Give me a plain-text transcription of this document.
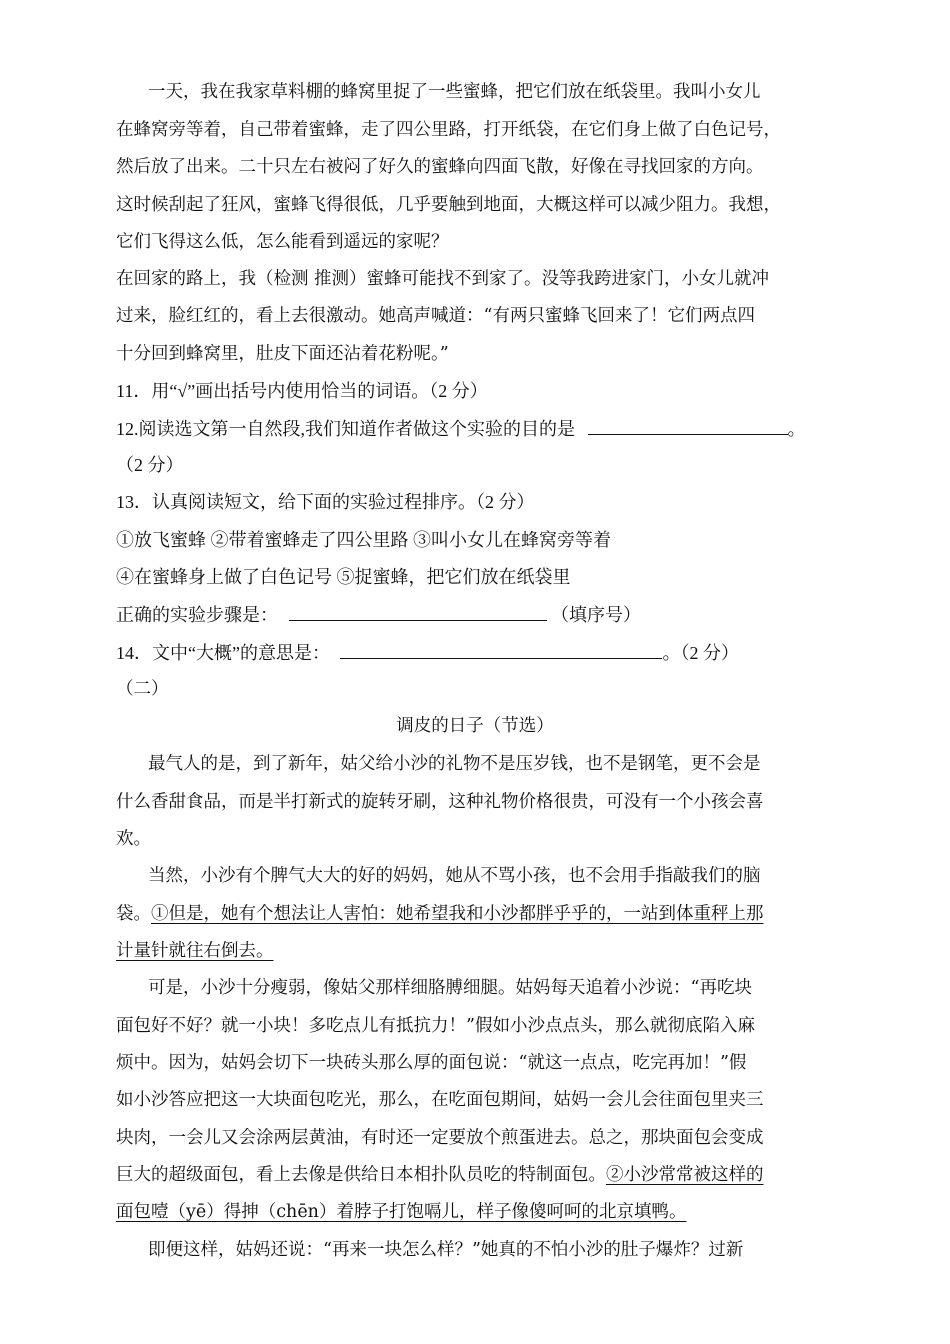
一天，我在我家草料棚的蜂窝里捉了一些蜜蜂，把它们放在纸袋里。我叫小女儿
在蜂窝旁等着，自己带着蜜蜂，走了四公里路，打开纸袋，在它们身上做了白色记号，
然后放了出来。二十只左右被闷了好久的蜜蜂向四面飞散，好像在寻找回家的方向。
这时候刮起了狂风，蜜蜂飞得很低，几乎要触到地面，大概这样可以减少阻力。我想，
它们飞得这么低，怎么能看到遥远的家呢？
在回家的路上，我（检测 推测）蜜蜂可能找不到家了。没等我跨进家门，小女儿就冲
过来，脸红红的，看上去很激动。她高声喊道：“有两只蜜蜂飞回来了！它们两点四
十分回到蜂窝里，肚皮下面还沾着花粉呢。”
11．用“√”画出括号内使用恰当的词语。（2 分）
12.阅读选文第一自然段,我们知道作者做这个实验的目的是	。
（2 分）
13．认真阅读短文，给下面的实验过程排序。（2 分）
①放飞蜜蜂 ②带着蜜蜂走了四公里路 ③叫小女儿在蜂窝旁等着
④在蜜蜂身上做了白色记号 ⑤捉蜜蜂，把它们放在纸袋里
正确的实验步骤是：	（填序号）
14．文中“大概”的意思是：	。（2 分）
（二）
调皮的日子（节选）
最气人的是，到了新年，姑父给小沙的礼物不是压岁钱，也不是钢笔，更不会是
什么香甜食品，而是半打新式的旋转牙刷，这种礼物价格很贵，可没有一个小孩会喜
欢。
当然，小沙有个脾气大大的好的妈妈，她从不骂小孩，也不会用手指敲我们的脑
袋。①但是，她有个想法让人害怕：她希望我和小沙都胖乎乎的，一站到体重秤上那
计量针就往右倒去。
可是，小沙十分瘦弱，像姑父那样细胳膊细腿。姑妈每天追着小沙说：“再吃块
面包好不好？就一小块！多吃点儿有抵抗力！”假如小沙点点头，那么就彻底陷入麻
烦中。因为，姑妈会切下一块砖头那么厚的面包说：“就这一点点，吃完再加！”假
如小沙答应把这一大块面包吃光，那么，在吃面包期间，姑妈一会儿会往面包里夹三
块肉，一会儿又会涂两层黄油，有时还一定要放个煎蛋进去。总之，那块面包会变成
巨大的超级面包，看上去像是供给日本相扑队员吃的特制面包。②小沙常常被这样的
面包噎（yē）得抻（chēn）着脖子打饱嗝儿，样子像傻呵呵的北京填鸭。
即便这样，姑妈还说：“再来一块怎么样？”她真的不怕小沙的肚子爆炸？过新
